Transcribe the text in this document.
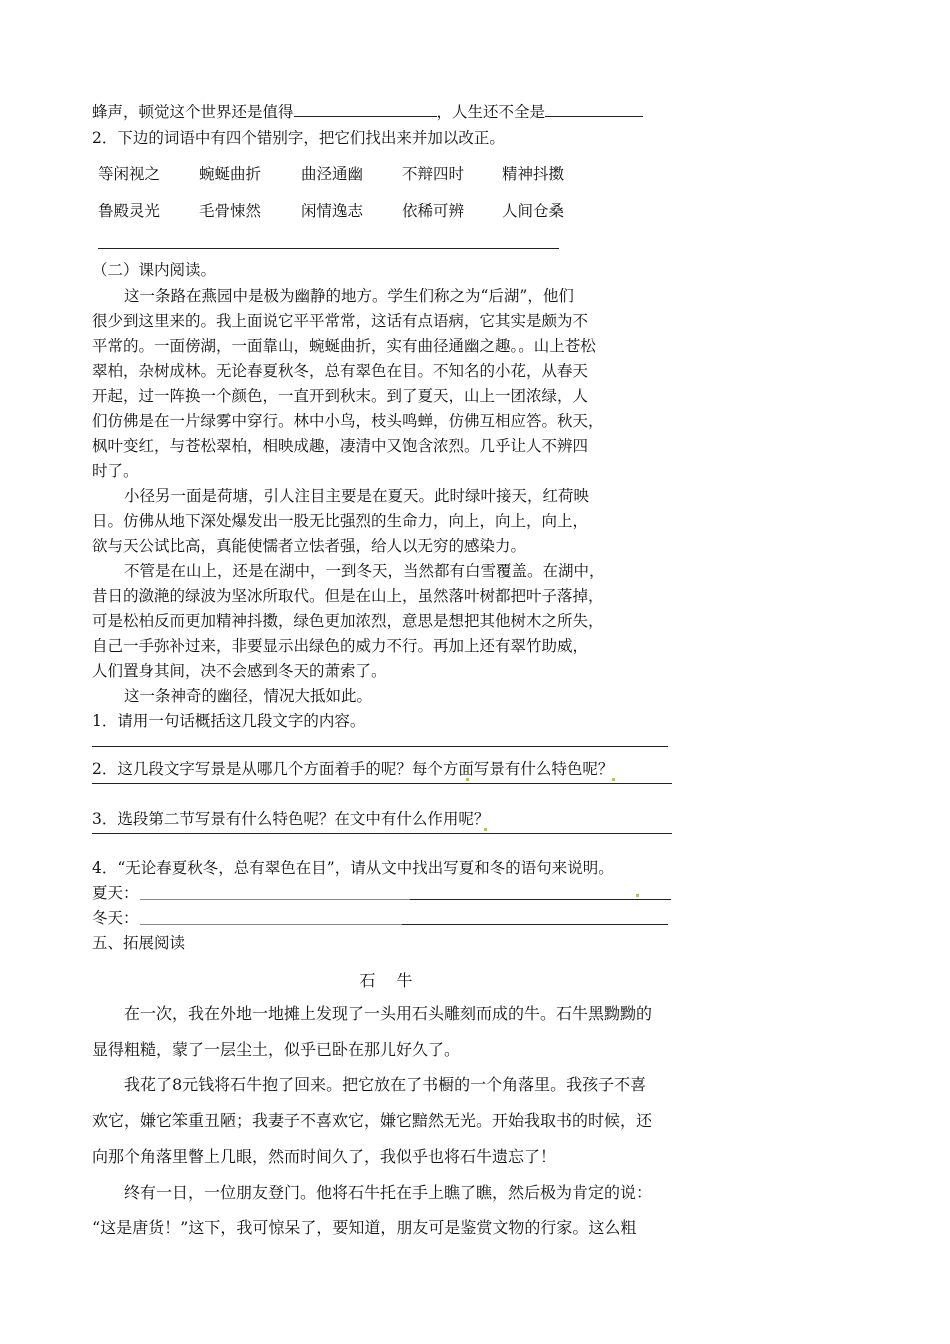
蜂声，顿觉这个世界还是值得	，人生还不全是
2．下边的词语中有四个错别字，把它们找出来并加以改正。
等闲视之	蜿蜒曲折	曲泾通幽	不辩四时 精神抖擞
鲁殿灵光	毛骨悚然	闲情逸志	依稀可辨 人间仓桑
（二）课内阅读。
这一条路在燕园中是极为幽静的地方。学生们称之为“后湖”，他们
很少到这里来的。我上面说它平平常常，这话有点语病，它其实是颇为不
平常的。一面傍湖，一面靠山，蜿蜒曲折，实有曲径通幽之趣。。山上苍松
翠柏，杂树成林。无论春夏秋冬，总有翠色在目。不知名的小花，从春天
开起，过一阵换一个颜色，一直开到秋末。到了夏天，山上一团浓绿，人
们仿佛是在一片绿雾中穿行。林中小鸟，枝头鸣蝉，仿佛互相应答。秋天，
枫叶变红，与苍松翠柏，相映成趣，凄清中又饱含浓烈。几乎让人不辨四
时了。
小径另一面是荷塘，引人注目主要是在夏天。此时绿叶接天，红荷映
日。仿佛从地下深处爆发出一股无比强烈的生命力，向上，向上，向上，
欲与天公试比高，真能使懦者立怯者强，给人以无穷的感染力。
不管是在山上，还是在湖中，一到冬天，当然都有白雪覆盖。在湖中，
昔日的潋滟的绿波为坚冰所取代。但是在山上，虽然落叶树都把叶子落掉，
可是松柏反而更加精神抖擞，绿色更加浓烈，意思是想把其他树木之所失，
自己一手弥补过来，非要显示出绿色的威力不行。再加上还有翠竹助威，
人们置身其间，决不会感到冬天的萧索了。
这一条神奇的幽径，情况大抵如此。
1．请用一句话概括这几段文字的内容。
2．这几段文字写景是从哪几个方面着手的呢？每个方面写景有什么特色呢？
3．选段第二节写景有什么特色呢？在文中有什么作用呢？
4．“无论春夏秋冬，总有翠色在目”，请从文中找出写夏和冬的语句来说明。
夏天：
冬天：
五、拓展阅读
石 牛
在一次，我在外地一地摊上发现了一头用石头雕刻而成的牛。石牛黑黝黝的
显得粗糙，蒙了一层尘土，似乎已卧在那儿好久了。
我花了8元钱将石牛抱了回来。把它放在了书橱的一个角落里。我孩子不喜
欢它，嫌它笨重丑陋；我妻子不喜欢它，嫌它黯然无光。开始我取书的时候，还
向那个角落里瞥上几眼，然而时间久了，我似乎也将石牛遗忘了！
终有一日，一位朋友登门。他将石牛托在手上瞧了瞧，然后极为肯定的说：
“这是唐货！”这下，我可惊呆了，要知道，朋友可是鉴赏文物的行家。这么粗
